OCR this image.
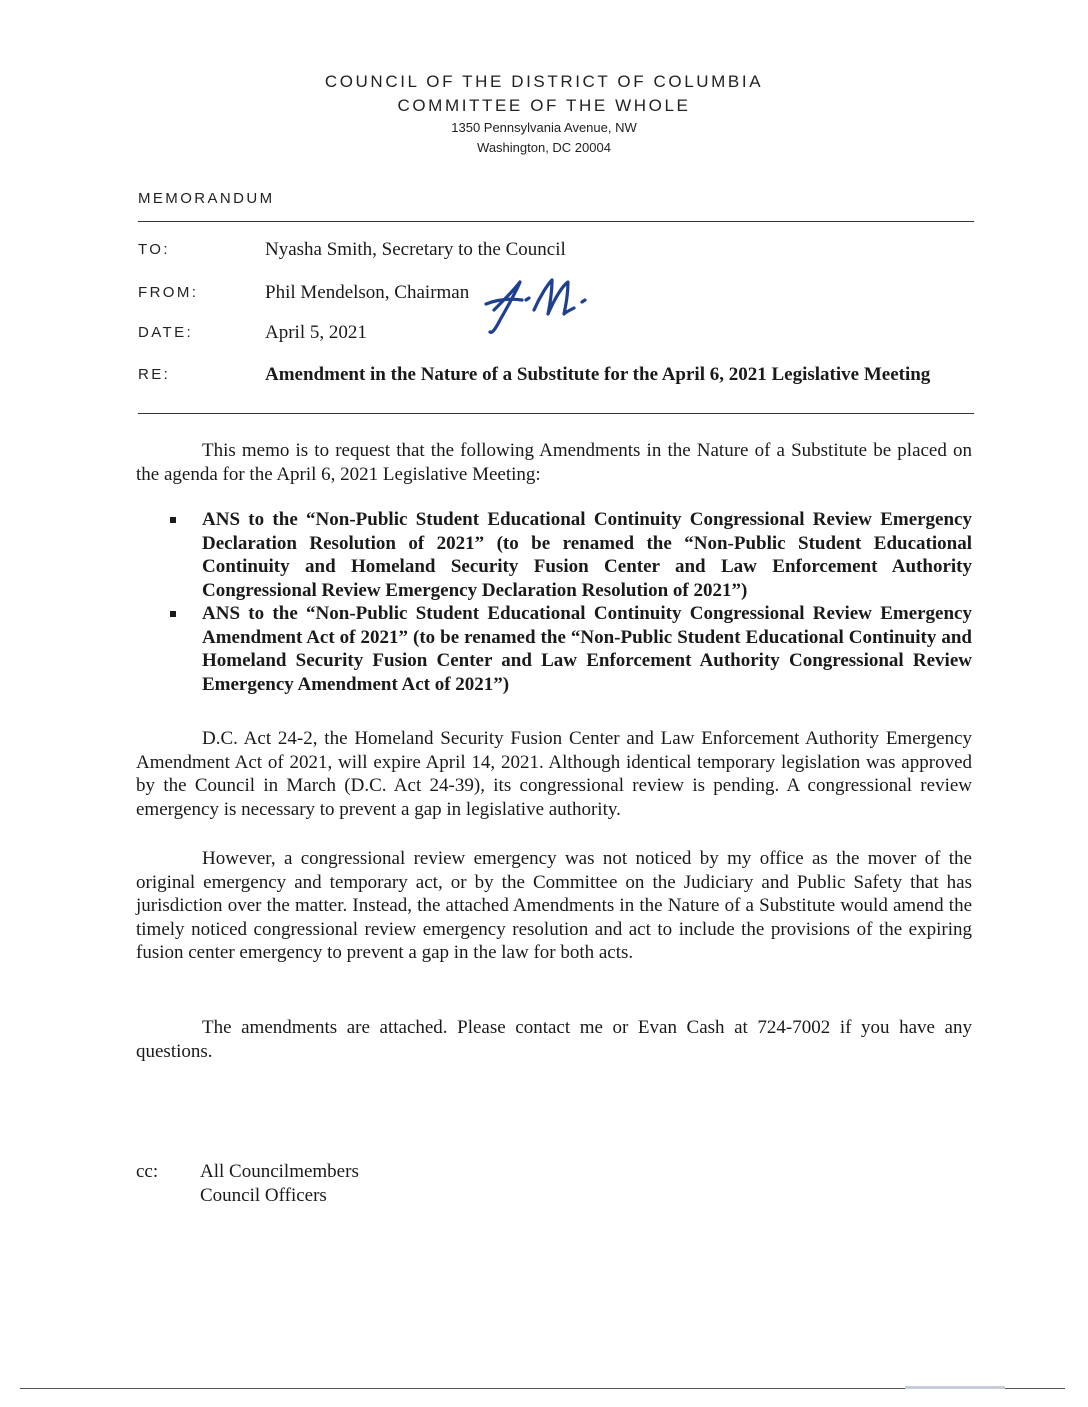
COUNCIL OF THE DISTRICT OF COLUMBIA
COMMITTEE OF THE WHOLE
1350 Pennsylvania Avenue, NW
Washington, DC 20004
MEMORANDUM
TO:	Nyasha Smith, Secretary to the Council
FROM:	Phil Mendelson, Chairman
DATE:	April 5, 2021
RE:	Amendment in the Nature of a Substitute for the April 6, 2021 Legislative Meeting

This memo is to request that the following Amendments in the Nature of a Substitute be placed on the agenda for the April 6, 2021 Legislative Meeting:

ANS to the “Non-Public Student Educational Continuity Congressional Review Emergency Declaration Resolution of 2021” (to be renamed the “Non-Public Student Educational Continuity and Homeland Security Fusion Center and Law Enforcement Authority Congressional Review Emergency Declaration Resolution of 2021”)
ANS to the “Non-Public Student Educational Continuity Congressional Review Emergency Amendment Act of 2021” (to be renamed the “Non-Public Student Educational Continuity and Homeland Security Fusion Center and Law Enforcement Authority Congressional Review Emergency Amendment Act of 2021”)

D.C. Act 24-2, the Homeland Security Fusion Center and Law Enforcement Authority Emergency Amendment Act of 2021, will expire April 14, 2021. Although identical temporary legislation was approved by the Council in March (D.C. Act 24-39), its congressional review is pending. A congressional review emergency is necessary to prevent a gap in legislative authority.

However, a congressional review emergency was not noticed by my office as the mover of the original emergency and temporary act, or by the Committee on the Judiciary and Public Safety that has jurisdiction over the matter. Instead, the attached Amendments in the Nature of a Substitute would amend the timely noticed congressional review emergency resolution and act to include the provisions of the expiring fusion center emergency to prevent a gap in the law for both acts.

The amendments are attached. Please contact me or Evan Cash at 724-7002 if you have any questions.

cc: All Councilmembers
Council Officers
